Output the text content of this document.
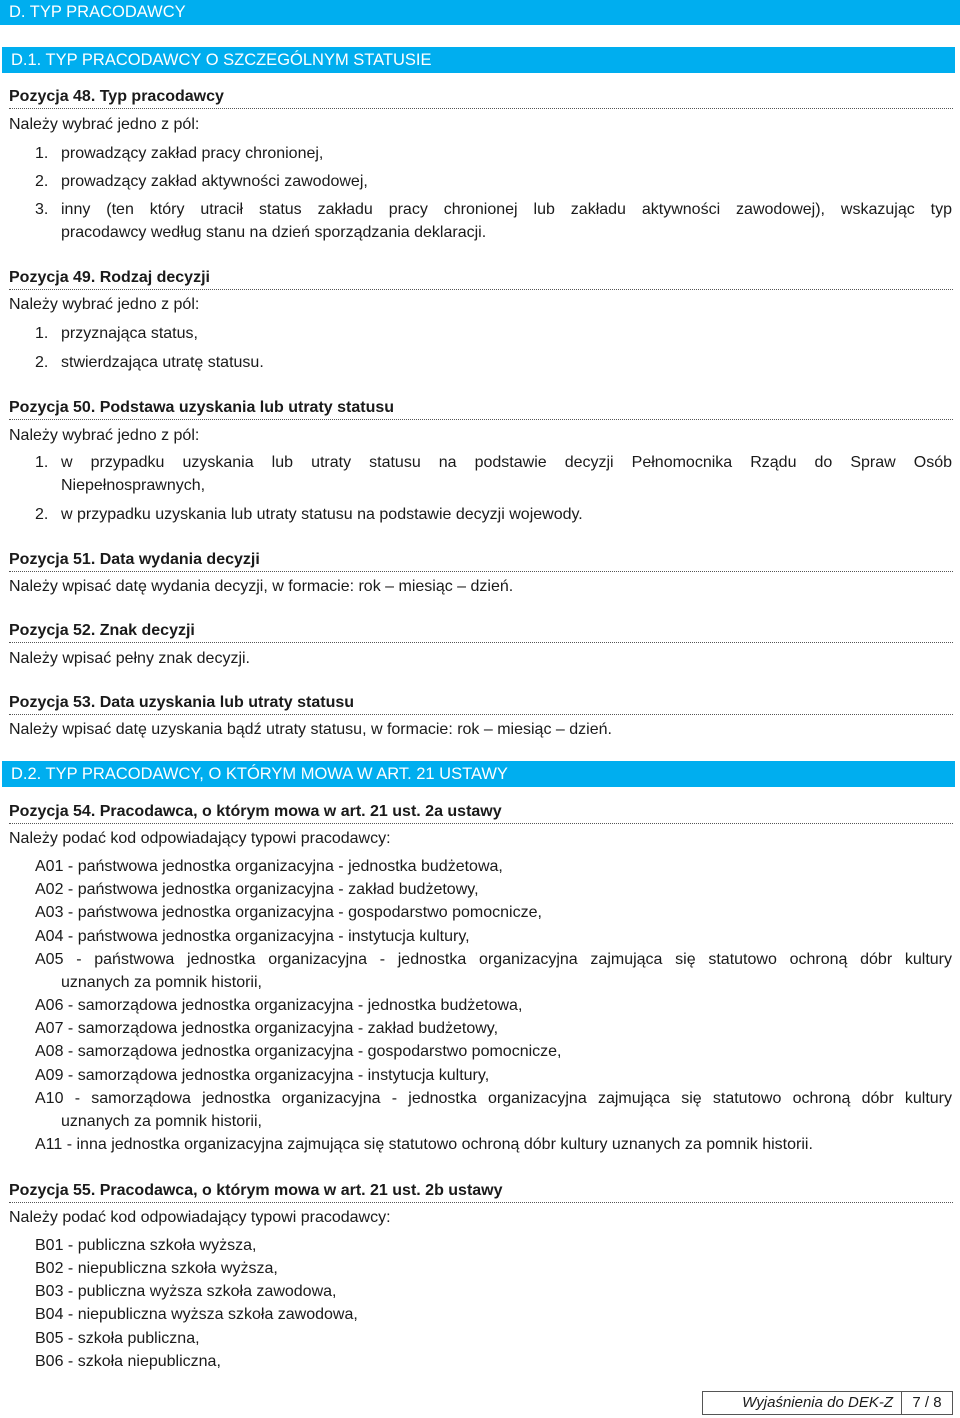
D. TYP PRACODAWCY
D.1. TYP PRACODAWCY O SZCZEGÓLNYM STATUSIE
Pozycja 48. Typ pracodawcy
Należy wybrać jedno z pól:
1. prowadzący zakład pracy chronionej,
2. prowadzący zakład aktywności zawodowej,
3. inny (ten który utracił status zakładu pracy chronionej lub zakładu aktywności zawodowej), wskazując typ
pracodawcy według stanu na dzień sporządzania deklaracji.
Pozycja 49. Rodzaj decyzji
Należy wybrać jedno z pól:
1. przyznająca status,
2. stwierdzająca utratę statusu.
Pozycja 50. Podstawa uzyskania lub utraty statusu
Należy wybrać jedno z pól:
1. w przypadku uzyskania lub utraty statusu na podstawie decyzji Pełnomocnika Rządu do Spraw Osób
Niepełnosprawnych,
2. w przypadku uzyskania lub utraty statusu na podstawie decyzji wojewody.
Pozycja 51. Data wydania decyzji
Należy wpisać datę wydania decyzji, w formacie: rok – miesiąc – dzień.
Pozycja 52. Znak decyzji
Należy wpisać pełny znak decyzji.
Pozycja 53. Data uzyskania lub utraty statusu
Należy wpisać datę uzyskania bądź utraty statusu, w formacie: rok – miesiąc – dzień.
D.2. TYP PRACODAWCY, O KTÓRYM MOWA W ART. 21 USTAWY
Pozycja 54. Pracodawca, o którym mowa w art. 21 ust. 2a ustawy
Należy podać kod odpowiadający typowi pracodawcy:
A01 - państwowa jednostka organizacyjna - jednostka budżetowa,
A02 - państwowa jednostka organizacyjna - zakład budżetowy,
A03 - państwowa jednostka organizacyjna - gospodarstwo pomocnicze,
A04 - państwowa jednostka organizacyjna - instytucja kultury,
A05 - państwowa jednostka organizacyjna - jednostka organizacyjna zajmująca się statutowo ochroną dóbr kultury
uznanych za pomnik historii,
A06 - samorządowa jednostka organizacyjna - jednostka budżetowa,
A07 - samorządowa jednostka organizacyjna - zakład budżetowy,
A08 - samorządowa jednostka organizacyjna - gospodarstwo pomocnicze,
A09 - samorządowa jednostka organizacyjna - instytucja kultury,
A10 - samorządowa jednostka organizacyjna - jednostka organizacyjna zajmująca się statutowo ochroną dóbr kultury
uznanych za pomnik historii,
A11 - inna jednostka organizacyjna zajmująca się statutowo ochroną dóbr kultury uznanych za pomnik historii.
Pozycja 55. Pracodawca, o którym mowa w art. 21 ust. 2b ustawy
Należy podać kod odpowiadający typowi pracodawcy:
B01 - publiczna szkoła wyższa,
B02 - niepubliczna szkoła wyższa,
B03 - publiczna wyższa szkoła zawodowa,
B04 - niepubliczna wyższa szkoła zawodowa,
B05 - szkoła publiczna,
B06 - szkoła niepubliczna,
Wyjaśnienia do DEK-Z	7 / 8
